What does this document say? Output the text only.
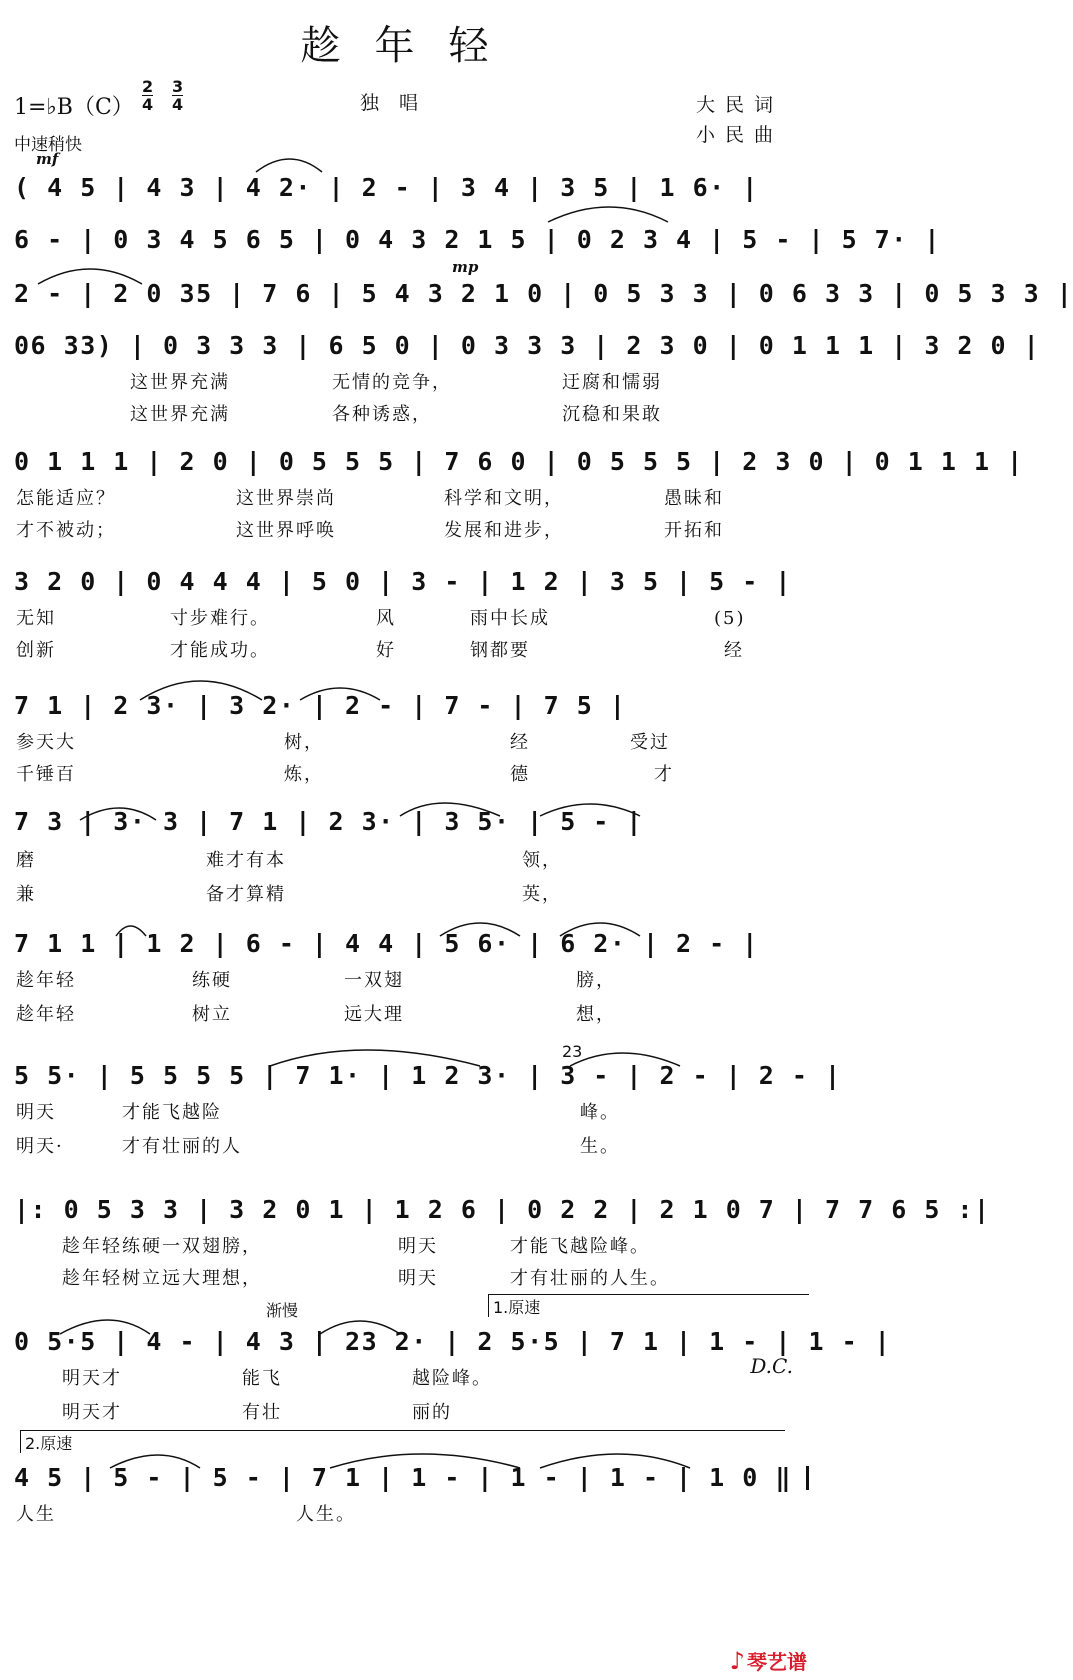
趁年轻
1=♭B（C） $\frac{2}{4} \frac{3}{4}$	独唱	大民词
小民曲
中速稍快
mf
( 4 5 | 4 3 | 4 2· | 2 - | 3 4 | 3 5 | 1 6· |
6 - | 0 3 4 5 6 5 | 0 4 3 2 1 5 | 0 2 3 4 | 5 - | 5 7· |
mp
2 - | 2 0 35 | 7 6 | 5 4 3 2 1 0 | 0 5 3 3 | 0 6 3 3 | 0 5 3 3 |
06 33) | 0 3 3 3 | 6 5 0 | 0 3 3 3 | 2 3 0 | 0 1 1 1 | 3 2 0 |
这世界充满	无情的竞争，	迂腐和懦弱
这世界充满	各种诱惑，	沉稳和果敢
0 1 1 1 | 2 0 | 0 5 5 5 | 7 6 0 | 0 5 5 5 | 2 3 0 | 0 1 1 1 |
怎能适应？	这世界崇尚	科学和文明，	愚昧和
才不被动；	这世界呼唤	发展和进步，	开拓和
3 2 0 | 0 4 4 4 | 5 0 | 3 - | 1 2 | 3 5 | 5 - |
无知	寸步难行。	风	雨中长成	(5)
创新	才能成功。	好	钢都要	经
7 1 | 2 3· | 3 2· | 2 - | 7 - | 7 5 |
参天大	树，	经	受过
千锤百	炼，	德	才
7 3 | 3· 3 | 7 1 | 2 3· | 3 5· | 5 - |
磨	难才有本	领，
兼	备才算精	英，
7 1 1 | 1 2 | 6 - | 4 4 | 5 6· | 6 2· | 2 - |
趁年轻	练硬	一双翅	膀，
趁年轻	树立	远大理	想，
23
5 5· | 5 5 5 5 | 7 1· | 1 2 3· | 3 - | 2 - | 2 - |
明天	才能飞越险	峰。
明天·	才有壮丽的人	生。
|: 0 5 3 3 | 3 2 0 1 | 1 2 6 | 0 2 2 | 2 1 0 7 | 7 7 6 5 :|
趁年轻练硬一双翅膀，	明天	才能飞越险峰。
趁年轻树立远大理想，	明天	才有壮丽的人生。
渐慢	1.原速
0 5·5 | 4 - | 4 3 | 23 2· | 2 5·5 | 7 1 | 1 - | 1 - |
明天才	能飞	越险峰。
D.C.
明天才	有壮	丽的
2.原速
4 5 | 5 - | 5 - | 7 1 | 1 - | 1 - | 1 - | 1 0 ‖
人生	人生。
♪ 琴艺谱
